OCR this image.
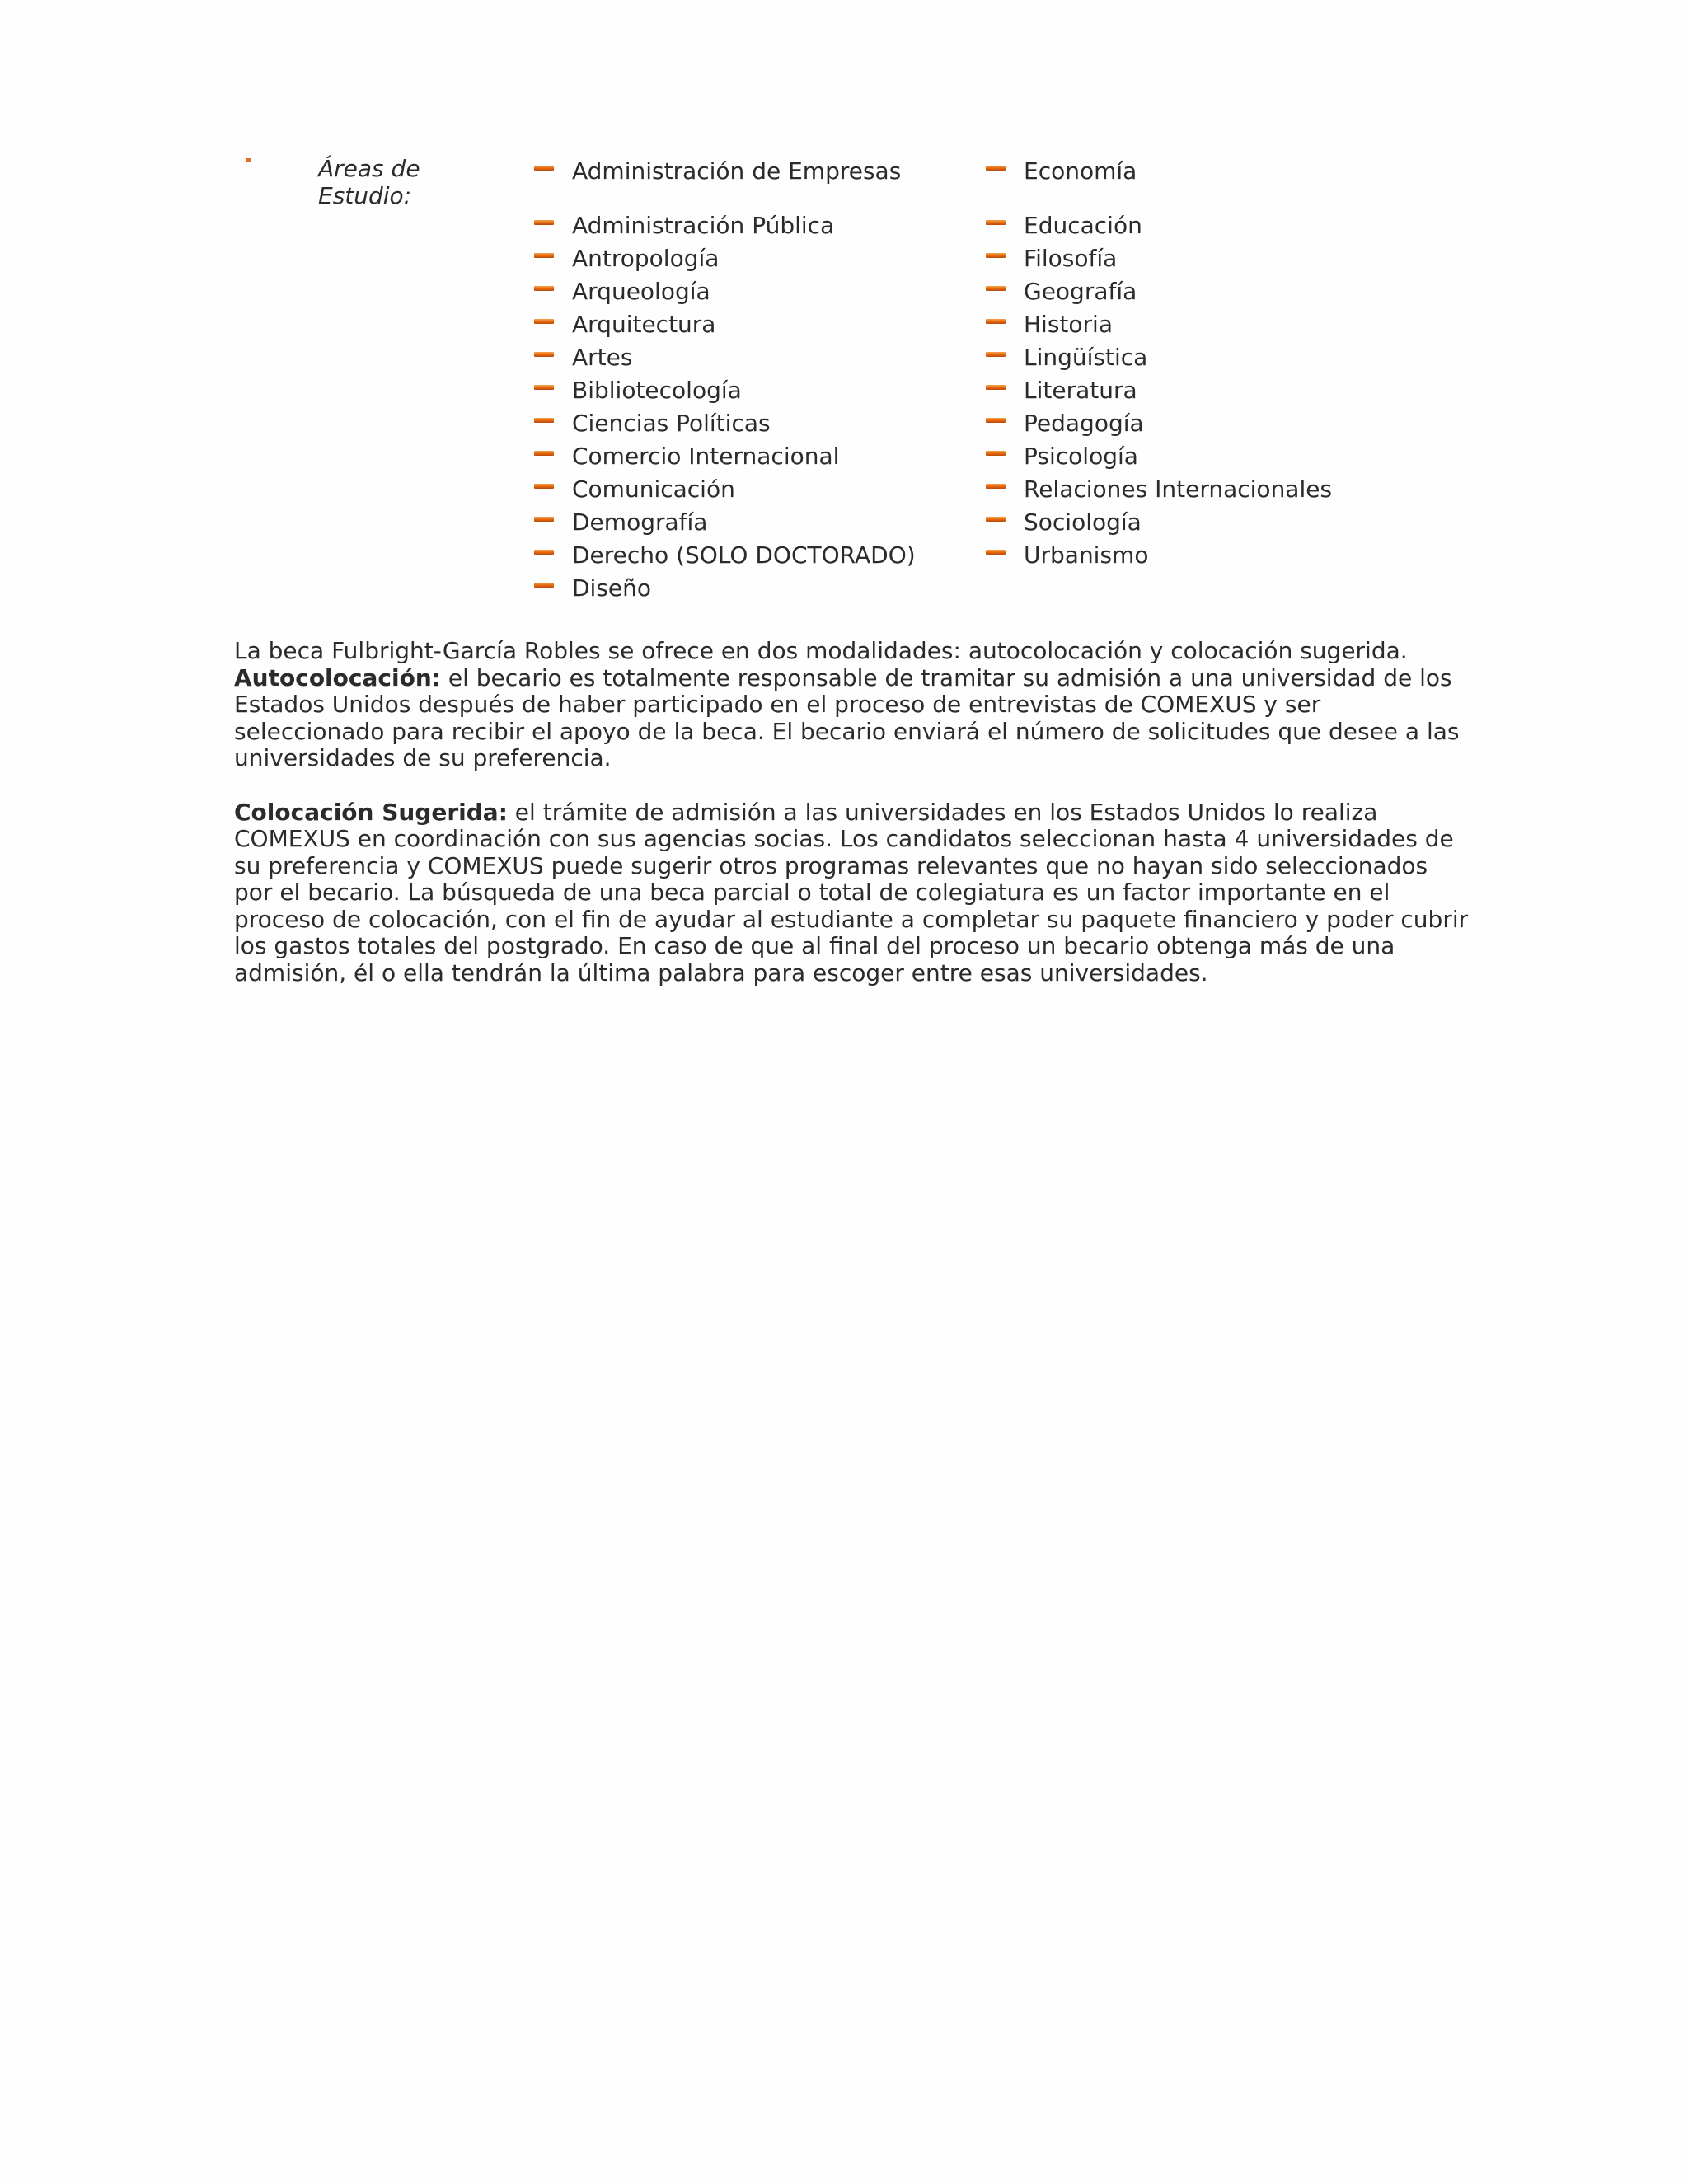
Áreas de Estudio:
Administración de Empresas
Administración Pública
Antropología
Arqueología
Arquitectura
Artes
Bibliotecología
Ciencias Políticas
Comercio Internacional
Comunicación
Demografía
Derecho (SOLO DOCTORADO)
Diseño
Economía
Educación
Filosofía
Geografía
Historia
Lingüística
Literatura
Pedagogía
Psicología
Relaciones Internacionales
Sociología
Urbanismo

La beca Fulbright-García Robles se ofrece en dos modalidades: autocolocación y colocación sugerida.
Autocolocación: el becario es totalmente responsable de tramitar su admisión a una universidad de los Estados Unidos después de haber participado en el proceso de entrevistas de COMEXUS y ser seleccionado para recibir el apoyo de la beca. El becario enviará el número de solicitudes que desee a las universidades de su preferencia.

Colocación Sugerida: el trámite de admisión a las universidades en los Estados Unidos lo realiza COMEXUS en coordinación con sus agencias socias. Los candidatos seleccionan hasta 4 universidades de su preferencia y COMEXUS puede sugerir otros programas relevantes que no hayan sido seleccionados por el becario. La búsqueda de una beca parcial o total de colegiatura es un factor importante en el proceso de colocación, con el fin de ayudar al estudiante a completar su paquete financiero y poder cubrir los gastos totales del postgrado. En caso de que al final del proceso un becario obtenga más de una admisión, él o ella tendrán la última palabra para escoger entre esas universidades.
